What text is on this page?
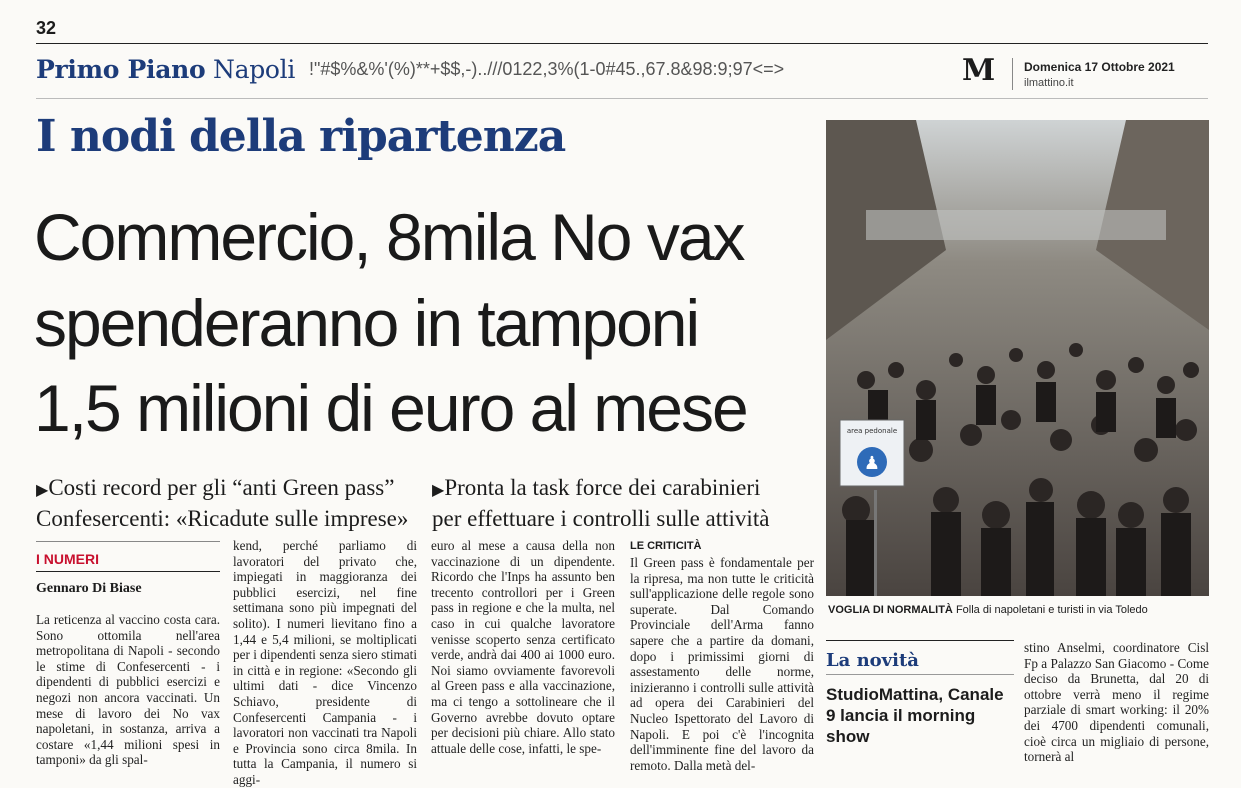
32
Primo Piano Napoli !"#$%&%'(%)**+$$,-)..///0122,3%(1-0#45.,67.8&98:9;97<=>	M Domenica 17 Ottobre 2021
ilmattino.it
I nodi della ripartenza
Commercio, 8mila No vax
spenderanno in tamponi
1,5 milioni di euro al mese
▶Costi record per gli “anti Green pass”
Confesercenti: «Ricadute sulle imprese»
▶Pronta la task force dei carabinieri
per effettuare i controlli sulle attività
I NUMERI
Gennaro Di Biase

La reticenza al vaccino costa cara. Sono ottomila nell'area metropolitana di Napoli - secondo le stime di Confesercenti - i dipendenti di pubblici esercizi e negozi non ancora vaccinati. Un mese di lavoro dei No vax napoletani, in sostanza, arriva a costare «1,44 milioni spesi in tamponi» da gli spal-

kend, perché parliamo di lavoratori del privato che, impiegati in maggioranza dei pubblici esercizi, nel fine settimana sono più impegnati del solito). I numeri lievitano fino a 1,44 e 5,4 milioni, se moltiplicati per i dipendenti senza siero stimati in città e in regione: «Secondo gli ultimi dati - dice Vincenzo Schiavo, presidente di Confesercenti Campania - i lavoratori non vaccinati tra Napoli e Provincia sono circa 8mila. In tutta la Campania, il numero si aggi-

euro al mese a causa della non vaccinazione di un dipendente. Ricordo che l'Inps ha assunto ben trecento controllori per i Green pass in regione e che la multa, nel caso in cui qualche lavoratore venisse scoperto senza certificato verde, andrà dai 400 ai 1000 euro. Noi siamo ovviamente favorevoli al Green pass e alla vaccinazione, ma ci tengo a sottolineare che il Governo avrebbe dovuto optare per decisioni più chiare. Allo stato attuale delle cose, infatti, le spe-

LE CRITICITÀ

Il Green pass è fondamentale per la ripresa, ma non tutte le criticità sull'applicazione delle regole sono superate. Dal Comando Provinciale dell'Arma fanno sapere che a partire da domani, dopo i primissimi giorni di assestamento delle norme, inizieranno i controlli sulle attività ad opera dei Carabinieri del Nucleo Ispettorato del Lavoro di Napoli. E poi c'è l'incognita dell'imminente fine del lavoro da remoto. Dalla metà del-

area pedonale
♟
VOGLIA DI NORMALITÀ Folla di napoletani e turisti in via Toledo
La novità
StudioMattina, Canale 9 lancia il morning show

stino Anselmi, coordinatore Cisl Fp a Palazzo San Giacomo - Come deciso da Brunetta, dal 20 di ottobre verrà meno il regime parziale di smart working: il 20% dei 4700 dipendenti comunali, cioè circa un migliaio di persone, tornerà al
